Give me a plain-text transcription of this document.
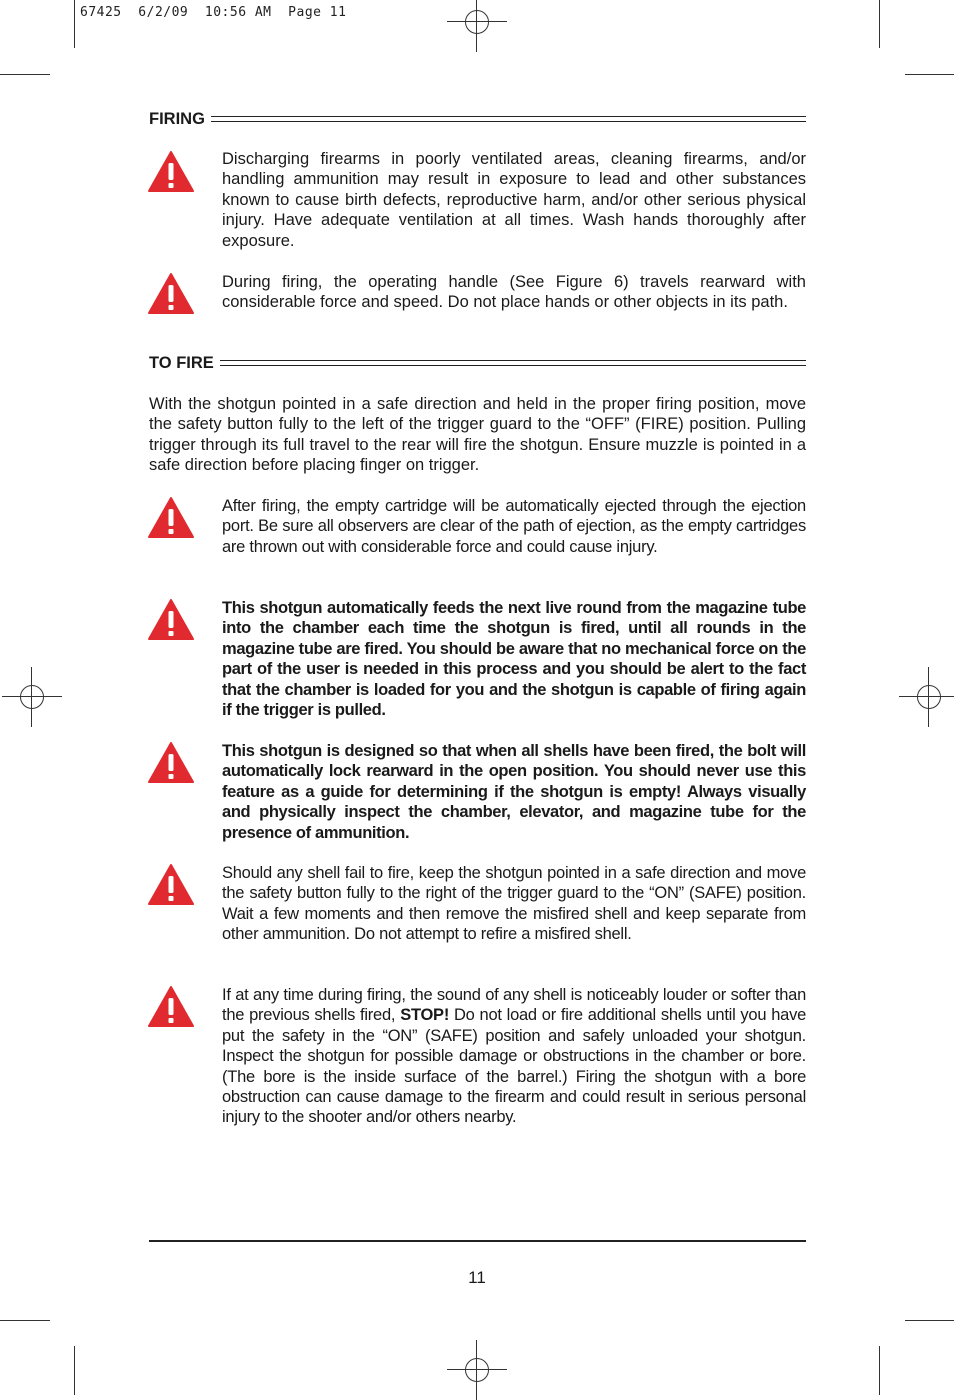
67425  6/2/09  10:56 AM  Page 11
FIRING
Discharging firearms in poorly ventilated areas, cleaning firearms, and/or handling ammunition may result in exposure to lead and other substances known to cause birth defects, reproductive harm, and/or other serious physical injury. Have adequate ventilation at all times. Wash hands thoroughly after exposure.
During firing, the operating handle (See Figure 6) travels rearward with considerable force and speed. Do not place hands or other objects in its path.
TO FIRE
With the shotgun pointed in a safe direction and held in the proper firing position, move the safety button fully to the left of the trigger guard to the “OFF” (FIRE) position. Pulling trigger through its full travel to the rear will fire the shotgun. Ensure muzzle is pointed in a safe direction before placing finger on trigger.
After firing, the empty cartridge will be automatically ejected through the ejection port. Be sure all observers are clear of the path of ejection, as the empty cartridges are thrown out with considerable force and could cause injury.
This shotgun automatically feeds the next live round from the magazine tube into the chamber each time the shotgun is fired, until all rounds in the magazine tube are fired. You should be aware that no mechanical force on the part of the user is needed in this process and you should be alert to the fact that the chamber is loaded for you and the shotgun is capable of firing again if the trigger is pulled.
This shotgun is designed so that when all shells have been fired, the bolt will automatically lock rearward in the open position. You should never use this feature as a guide for determining if the shotgun is empty! Always visually and physically inspect the chamber, elevator, and magazine tube for the presence of ammunition.
Should any shell fail to fire, keep the shotgun pointed in a safe direction and move the safety button fully to the right of the trigger guard to the “ON” (SAFE) position. Wait a few moments and then remove the misfired shell and keep separate from other ammunition. Do not attempt to refire a misfired shell.
If at any time during firing, the sound of any shell is noticeably louder or softer than the previous shells fired, STOP! Do not load or fire additional shells until you have put the safety in the “ON” (SAFE) position and safely unloaded your shotgun. Inspect the shotgun for possible damage or obstructions in the chamber or bore. (The bore is the inside surface of the barrel.) Firing the shotgun with a bore obstruction can cause damage to the firearm and could result in serious personal injury to the shooter and/or others nearby.
11
